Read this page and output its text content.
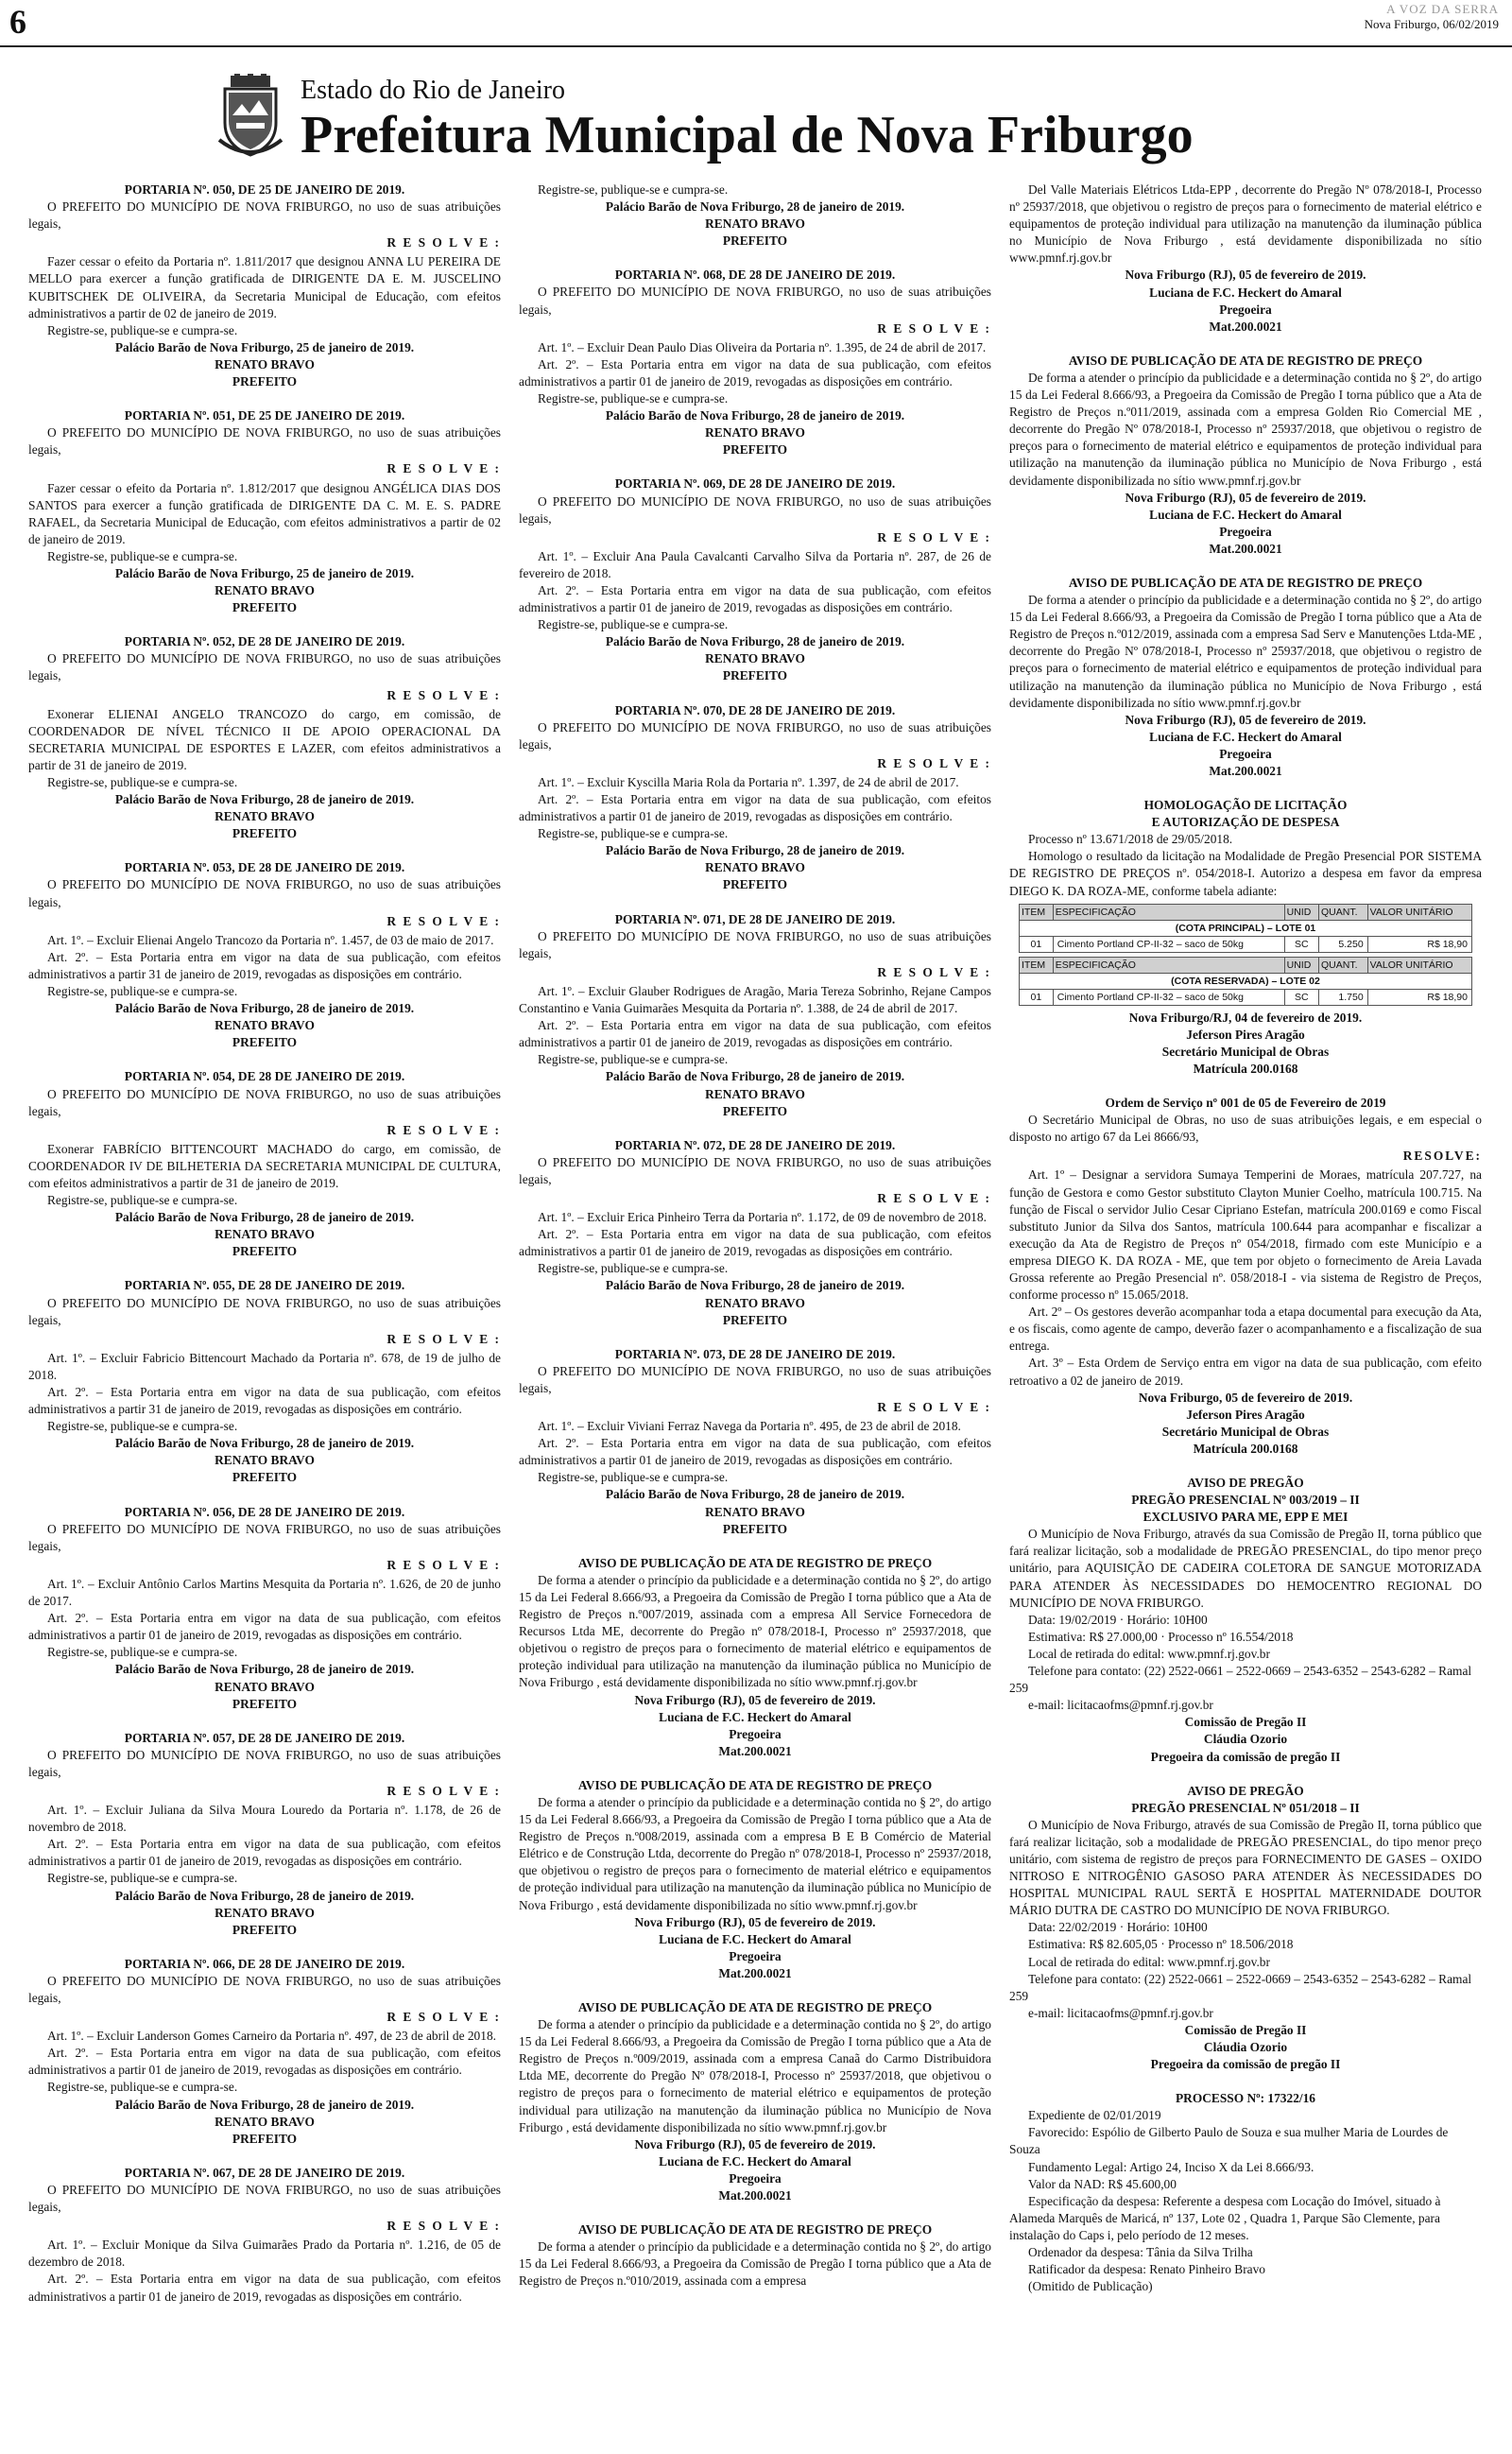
6	A VOZ DA SERRA
Nova Friburgo, 06/02/2019
Estado do Rio de Janeiro
Prefeitura Municipal de Nova Friburgo
PORTARIA Nº. 050, DE 25 DE JANEIRO DE 2019.

O PREFEITO DO MUNICÍPIO DE NOVA FRIBURGO, no uso de suas atribuições legais,

R E S O L V E :

Fazer cessar o efeito da Portaria nº. 1.811/2017 que designou ANNA LU PEREIRA DE MELLO para exercer a função gratificada de DIRIGENTE DA E. M. JUSCELINO KUBITSCHEK DE OLIVEIRA, da Secretaria Municipal de Educação, com efeitos administrativos a partir de 02 de janeiro de 2019.

Registre-se, publique-se e cumpra-se.

Palácio Barão de Nova Friburgo, 25 de janeiro de 2019.
RENATO BRAVO
PREFEITO
PORTARIA Nº. 051, DE 25 DE JANEIRO DE 2019.

O PREFEITO DO MUNICÍPIO DE NOVA FRIBURGO, no uso de suas atribuições legais,

R E S O L V E :

Fazer cessar o efeito da Portaria nº. 1.812/2017 que designou ANGÉLICA DIAS DOS SANTOS para exercer a função gratificada de DIRIGENTE DA C. M. E. S. PADRE RAFAEL, da Secretaria Municipal de Educação, com efeitos administrativos a partir de 02 de janeiro de 2019.

Registre-se, publique-se e cumpra-se.

Palácio Barão de Nova Friburgo, 25 de janeiro de 2019.
RENATO BRAVO
PREFEITO
PORTARIA Nº. 052, DE 28 DE JANEIRO DE 2019.

O PREFEITO DO MUNICÍPIO DE NOVA FRIBURGO, no uso de suas atribuições legais,

R E S O L V E :

Exonerar ELIENAI ANGELO TRANCOZO do cargo, em comissão, de COORDENADOR DE NÍVEL TÉCNICO II DE APOIO OPERACIONAL DA SECRETARIA MUNICIPAL DE ESPORTES E LAZER, com efeitos administrativos a partir de 31 de janeiro de 2019.

Registre-se, publique-se e cumpra-se.

Palácio Barão de Nova Friburgo, 28 de janeiro de 2019.
RENATO BRAVO
PREFEITO
PORTARIA Nº. 053, DE 28 DE JANEIRO DE 2019.

O PREFEITO DO MUNICÍPIO DE NOVA FRIBURGO, no uso de suas atribuições legais,

R E S O L V E :

Art. 1º. – Excluir Elienai Angelo Trancozo da Portaria nº. 1.457, de 03 de maio de 2017.

Art. 2º. – Esta Portaria entra em vigor na data de sua publicação, com efeitos administrativos a partir 31 de janeiro de 2019, revogadas as disposições em contrário.

Registre-se, publique-se e cumpra-se.

Palácio Barão de Nova Friburgo, 28 de janeiro de 2019.
RENATO BRAVO
PREFEITO
PORTARIA Nº. 054, DE 28 DE JANEIRO DE 2019.

O PREFEITO DO MUNICÍPIO DE NOVA FRIBURGO, no uso de suas atribuições legais,

R E S O L V E :

Exonerar FABRÍCIO BITTENCOURT MACHADO do cargo, em comissão, de COORDENADOR IV DE BILHETERIA DA SECRETARIA MUNICIPAL DE CULTURA, com efeitos administrativos a partir de 31 de janeiro de 2019.

Registre-se, publique-se e cumpra-se.

Palácio Barão de Nova Friburgo, 28 de janeiro de 2019.
RENATO BRAVO
PREFEITO
PORTARIA Nº. 055, DE 28 DE JANEIRO DE 2019.

O PREFEITO DO MUNICÍPIO DE NOVA FRIBURGO, no uso de suas atribuições legais,

R E S O L V E :

Art. 1º. – Excluir Fabricio Bittencourt Machado da Portaria nº. 678, de 19 de julho de 2018.

Art. 2º. – Esta Portaria entra em vigor na data de sua publicação, com efeitos administrativos a partir 31 de janeiro de 2019, revogadas as disposições em contrário.

Registre-se, publique-se e cumpra-se.

Palácio Barão de Nova Friburgo, 28 de janeiro de 2019.
RENATO BRAVO
PREFEITO
PORTARIA Nº. 056, DE 28 DE JANEIRO DE 2019.

O PREFEITO DO MUNICÍPIO DE NOVA FRIBURGO, no uso de suas atribuições legais,

R E S O L V E :

Art. 1º. – Excluir Antônio Carlos Martins Mesquita da Portaria nº. 1.626, de 20 de junho de 2017.

Art. 2º. – Esta Portaria entra em vigor na data de sua publicação, com efeitos administrativos a partir 01 de janeiro de 2019, revogadas as disposições em contrário.

Registre-se, publique-se e cumpra-se.

Palácio Barão de Nova Friburgo, 28 de janeiro de 2019.
RENATO BRAVO
PREFEITO
PORTARIA Nº. 057, DE 28 DE JANEIRO DE 2019.

O PREFEITO DO MUNICÍPIO DE NOVA FRIBURGO, no uso de suas atribuições legais,

R E S O L V E :

Art. 1º. – Excluir Juliana da Silva Moura Louredo da Portaria nº. 1.178, de 26 de novembro de 2018.

Art. 2º. – Esta Portaria entra em vigor na data de sua publicação, com efeitos administrativos a partir 01 de janeiro de 2019, revogadas as disposições em contrário.

Registre-se, publique-se e cumpra-se.

Palácio Barão de Nova Friburgo, 28 de janeiro de 2019.
RENATO BRAVO
PREFEITO
PORTARIA Nº. 066, DE 28 DE JANEIRO DE 2019.

O PREFEITO DO MUNICÍPIO DE NOVA FRIBURGO, no uso de suas atribuições legais,

R E S O L V E :

Art. 1º. – Excluir Landerson Gomes Carneiro da Portaria nº. 497, de 23 de abril de 2018.

Art. 2º. – Esta Portaria entra em vigor na data de sua publicação, com efeitos administrativos a partir 01 de janeiro de 2019, revogadas as disposições em contrário.

Registre-se, publique-se e cumpra-se.

Palácio Barão de Nova Friburgo, 28 de janeiro de 2019.
RENATO BRAVO
PREFEITO
PORTARIA Nº. 067, DE 28 DE JANEIRO DE 2019.

O PREFEITO DO MUNICÍPIO DE NOVA FRIBURGO, no uso de suas atribuições legais,

R E S O L V E :

Art. 1º. – Excluir Monique da Silva Guimarães Prado da Portaria nº. 1.216, de 05 de dezembro de 2018.

Art. 2º. – Esta Portaria entra em vigor na data de sua publicação, com efeitos administrativos a partir 01 de janeiro de 2019, revogadas as disposições em contrário.

Registre-se, publique-se e cumpra-se.

Palácio Barão de Nova Friburgo, 28 de janeiro de 2019.
RENATO BRAVO
PREFEITO
PORTARIA Nº. 068, DE 28 DE JANEIRO DE 2019.

O PREFEITO DO MUNICÍPIO DE NOVA FRIBURGO, no uso de suas atribuições legais,

R E S O L V E :

Art. 1º. – Excluir Dean Paulo Dias Oliveira da Portaria nº. 1.395, de 24 de abril de 2017.

Art. 2º. – Esta Portaria entra em vigor na data de sua publicação, com efeitos administrativos a partir 01 de janeiro de 2019, revogadas as disposições em contrário.

Registre-se, publique-se e cumpra-se.

Palácio Barão de Nova Friburgo, 28 de janeiro de 2019.
RENATO BRAVO
PREFEITO
PORTARIA Nº. 069, DE 28 DE JANEIRO DE 2019.

O PREFEITO DO MUNICÍPIO DE NOVA FRIBURGO, no uso de suas atribuições legais,

R E S O L V E :

Art. 1º. – Excluir Ana Paula Cavalcanti Carvalho Silva da Portaria nº. 287, de 26 de fevereiro de 2018.

Art. 2º. – Esta Portaria entra em vigor na data de sua publicação, com efeitos administrativos a partir 01 de janeiro de 2019, revogadas as disposições em contrário.

Registre-se, publique-se e cumpra-se.

Palácio Barão de Nova Friburgo, 28 de janeiro de 2019.
RENATO BRAVO
PREFEITO
PORTARIA Nº. 070, DE 28 DE JANEIRO DE 2019.

O PREFEITO DO MUNICÍPIO DE NOVA FRIBURGO, no uso de suas atribuições legais,

R E S O L V E :

Art. 1º. – Excluir Kyscilla Maria Rola da Portaria nº. 1.397, de 24 de abril de 2017.

Art. 2º. – Esta Portaria entra em vigor na data de sua publicação, com efeitos administrativos a partir 01 de janeiro de 2019, revogadas as disposições em contrário.

Registre-se, publique-se e cumpra-se.

Palácio Barão de Nova Friburgo, 28 de janeiro de 2019.
RENATO BRAVO
PREFEITO
PORTARIA Nº. 071, DE 28 DE JANEIRO DE 2019.

O PREFEITO DO MUNICÍPIO DE NOVA FRIBURGO, no uso de suas atribuições legais,

R E S O L V E :

Art. 1º. – Excluir Glauber Rodrigues de Aragão, Maria Tereza Sobrinho, Rejane Campos Constantino e Vania Guimarães Mesquita da Portaria nº. 1.388, de 24 de abril de 2017.

Art. 2º. – Esta Portaria entra em vigor na data de sua publicação, com efeitos administrativos a partir 01 de janeiro de 2019, revogadas as disposições em contrário.

Registre-se, publique-se e cumpra-se.

Palácio Barão de Nova Friburgo, 28 de janeiro de 2019.
RENATO BRAVO
PREFEITO
PORTARIA Nº. 072, DE 28 DE JANEIRO DE 2019.

O PREFEITO DO MUNICÍPIO DE NOVA FRIBURGO, no uso de suas atribuições legais,

R E S O L V E :

Art. 1º. – Excluir Erica Pinheiro Terra da Portaria nº. 1.172, de 09 de novembro de 2018.

Art. 2º. – Esta Portaria entra em vigor na data de sua publicação, com efeitos administrativos a partir 01 de janeiro de 2019, revogadas as disposições em contrário.

Registre-se, publique-se e cumpra-se.

Palácio Barão de Nova Friburgo, 28 de janeiro de 2019.
RENATO BRAVO
PREFEITO
PORTARIA Nº. 073, DE 28 DE JANEIRO DE 2019.

O PREFEITO DO MUNICÍPIO DE NOVA FRIBURGO, no uso de suas atribuições legais,

R E S O L V E :

Art. 1º. – Excluir Viviani Ferraz Navega da Portaria nº. 495, de 23 de abril de 2018.

Art. 2º. – Esta Portaria entra em vigor na data de sua publicação, com efeitos administrativos a partir 01 de janeiro de 2019, revogadas as disposições em contrário.

Registre-se, publique-se e cumpra-se.

Palácio Barão de Nova Friburgo, 28 de janeiro de 2019.
RENATO BRAVO
PREFEITO
AVISO DE PUBLICAÇÃO DE ATA DE REGISTRO DE PREÇO

De forma a atender o princípio da publicidade e a determinação contida no § 2º, do artigo 15 da Lei Federal 8.666/93, a Pregoeira da Comissão de Pregão I torna público que a Ata de Registro de Preços n.º007/2019, assinada com a empresa All Service Fornecedora de Recursos Ltda ME, decorrente do Pregão nº 078/2018-I, Processo nº 25937/2018, que objetivou o registro de preços para o fornecimento de material elétrico e equipamentos de proteção individual para utilização na manutenção da iluminação pública no Município de Nova Friburgo , está devidamente disponibilizada no sítio www.pmnf.rj.gov.br

Nova Friburgo (RJ), 05 de fevereiro de 2019.
Luciana de F.C. Heckert do Amaral
Pregoeira
Mat.200.0021
AVISO DE PUBLICAÇÃO DE ATA DE REGISTRO DE PREÇO

De forma a atender o princípio da publicidade e a determinação contida no § 2º, do artigo 15 da Lei Federal 8.666/93, a Pregoeira da Comissão de Pregão I torna público que a Ata de Registro de Preços n.º008/2019, assinada com a empresa B E B Comércio de Material Elétrico e de Construção Ltda, decorrente do Pregão nº 078/2018-I, Processo nº 25937/2018, que objetivou o registro de preços para o fornecimento de material elétrico e equipamentos de proteção individual para utilização na manutenção da iluminação pública no Município de Nova Friburgo , está devidamente disponibilizada no sítio www.pmnf.rj.gov.br

Nova Friburgo (RJ), 05 de fevereiro de 2019.
Luciana de F.C. Heckert do Amaral
Pregoeira
Mat.200.0021
AVISO DE PUBLICAÇÃO DE ATA DE REGISTRO DE PREÇO

De forma a atender o princípio da publicidade e a determinação contida no § 2º, do artigo 15 da Lei Federal 8.666/93, a Pregoeira da Comissão de Pregão I torna público que a Ata de Registro de Preços n.º009/2019, assinada com a empresa Canaã do Carmo Distribuidora Ltda ME, decorrente do Pregão Nº 078/2018-I, Processo nº 25937/2018, que objetivou o registro de preços para o fornecimento de material elétrico e equipamentos de proteção individual para utilização na manutenção da iluminação pública no Município de Nova Friburgo , está devidamente disponibilizada no sítio www.pmnf.rj.gov.br

Nova Friburgo (RJ), 05 de fevereiro de 2019.
Luciana de F.C. Heckert do Amaral
Pregoeira
Mat.200.0021
AVISO DE PUBLICAÇÃO DE ATA DE REGISTRO DE PREÇO

De forma a atender o princípio da publicidade e a determinação contida no § 2º, do artigo 15 da Lei Federal 8.666/93, a Pregoeira da Comissão de Pregão I torna público que a Ata de Registro de Preços n.º010/2019, assinada com a empresa

Del Valle Materiais Elétricos Ltda-EPP , decorrente do Pregão Nº 078/2018-I, Processo nº 25937/2018, que objetivou o registro de preços para o fornecimento de material elétrico e equipamentos de proteção individual para utilização na manutenção da iluminação pública no Município de Nova Friburgo , está devidamente disponibilizada no sítio www.pmnf.rj.gov.br

Nova Friburgo (RJ), 05 de fevereiro de 2019.
Luciana de F.C. Heckert do Amaral
Pregoeira
Mat.200.0021
AVISO DE PUBLICAÇÃO DE ATA DE REGISTRO DE PREÇO

De forma a atender o princípio da publicidade e a determinação contida no § 2º, do artigo 15 da Lei Federal 8.666/93, a Pregoeira da Comissão de Pregão I torna público que a Ata de Registro de Preços n.º011/2019, assinada com a empresa Golden Rio Comercial ME , decorrente do Pregão Nº 078/2018-I, Processo nº 25937/2018, que objetivou o registro de preços para o fornecimento de material elétrico e equipamentos de proteção individual para utilização na manutenção da iluminação pública no Município de Nova Friburgo , está devidamente disponibilizada no sítio www.pmnf.rj.gov.br

Nova Friburgo (RJ), 05 de fevereiro de 2019.
Luciana de F.C. Heckert do Amaral
Pregoeira
Mat.200.0021
AVISO DE PUBLICAÇÃO DE ATA DE REGISTRO DE PREÇO

De forma a atender o princípio da publicidade e a determinação contida no § 2º, do artigo 15 da Lei Federal 8.666/93, a Pregoeira da Comissão de Pregão I torna público que a Ata de Registro de Preços n.º012/2019, assinada com a empresa Sad Serv e Manutenções Ltda-ME , decorrente do Pregão Nº 078/2018-I, Processo nº 25937/2018, que objetivou o registro de preços para o fornecimento de material elétrico e equipamentos de proteção individual para utilização na manutenção da iluminação pública no Município de Nova Friburgo , está devidamente disponibilizada no sítio www.pmnf.rj.gov.br

Nova Friburgo (RJ), 05 de fevereiro de 2019.
Luciana de F.C. Heckert do Amaral
Pregoeira
Mat.200.0021
HOMOLOGAÇÃO DE LICITAÇÃO
E AUTORIZAÇÃO DE DESPESA

Processo nº 13.671/2018 de 29/05/2018.

Homologo o resultado da licitação na Modalidade de Pregão Presencial POR SISTEMA DE REGISTRO DE PREÇOS nº. 054/2018-I. Autorizo a despesa em favor da empresa DIEGO K. DA ROZA-ME, conforme tabela adiante:

ITEM	ESPECIFICAÇÃO	UNID	QUANT.	VALOR UNITÁRIO
(COTA PRINCIPAL) – LOTE 01				
01	Cimento Portland CP-II-32 – saco de 50kg	SC	5.250	R$ 18,90
ITEM	ESPECIFICAÇÃO	UNID	QUANT.	VALOR UNITÁRIO
(COTA RESERVADA) – LOTE 02				
01	Cimento Portland CP-II-32 – saco de 50kg	SC	1.750	R$ 18,90
Nova Friburgo/RJ, 04 de fevereiro de 2019.
Jeferson Pires Aragão
Secretário Municipal de Obras
Matrícula 200.0168
Ordem de Serviço nº 001 de 05 de Fevereiro de 2019

O Secretário Municipal de Obras, no uso de suas atribuições legais, e em especial o disposto no artigo 67 da Lei 8666/93,

RESOLVE:

Art. 1º – Designar a servidora Sumaya Temperini de Moraes, matrícula 207.727, na função de Gestora e como Gestor substituto Clayton Munier Coelho, matrícula 100.715. Na função de Fiscal o servidor Julio Cesar Cipriano Estefan, matrícula 200.0169 e como Fiscal substituto Junior da Silva dos Santos, matrícula 100.644 para acompanhar e fiscalizar a execução da Ata de Registro de Preços nº 054/2018, firmado com este Município e a empresa DIEGO K. DA ROZA - ME, que tem por objeto o fornecimento de Areia Lavada Grossa referente ao Pregão Presencial nº. 058/2018-I - via sistema de Registro de Preços, conforme processo nº 15.065/2018.

Art. 2º – Os gestores deverão acompanhar toda a etapa documental para execução da Ata, e os fiscais, como agente de campo, deverão fazer o acompanhamento e a fiscalização de sua entrega.

Art. 3º – Esta Ordem de Serviço entra em vigor na data de sua publicação, com efeito retroativo a 02 de janeiro de 2019.

Nova Friburgo, 05 de fevereiro de 2019.
Jeferson Pires Aragão
Secretário Municipal de Obras
Matrícula 200.0168
AVISO DE PREGÃO
PREGÃO PRESENCIAL Nº 003/2019 – II
EXCLUSIVO PARA ME, EPP E MEI

O Município de Nova Friburgo, através da sua Comissão de Pregão II, torna público que fará realizar licitação, sob a modalidade de PREGÃO PRESENCIAL, do tipo menor preço unitário, para AQUISIÇÃO DE CADEIRA COLETORA DE SANGUE MOTORIZADA PARA ATENDER ÀS NECESSIDADES DO HEMOCENTRO REGIONAL DO MUNICÍPIO DE NOVA FRIBURGO.

Data: 19/02/2019 · Horário: 10H00

Estimativa: R$ 27.000,00 · Processo nº 16.554/2018

Local de retirada do edital: www.pmnf.rj.gov.br

Telefone para contato: (22) 2522-0661 – 2522-0669 – 2543-6352 – 2543-6282 – Ramal 259

e-mail: licitacaofms@pmnf.rj.gov.br

Comissão de Pregão II
Cláudia Ozorio
Pregoeira da comissão de pregão II
AVISO DE PREGÃO
PREGÃO PRESENCIAL Nº 051/2018 – II

O Município de Nova Friburgo, através de sua Comissão de Pregão II, torna público que fará realizar licitação, sob a modalidade de PREGÃO PRESENCIAL, do tipo menor preço unitário, com sistema de registro de preços para FORNECIMENTO DE GASES – OXIDO NITROSO E NITROGÊNIO GASOSO PARA ATENDER ÀS NECESSIDADES DO HOSPITAL MUNICIPAL RAUL SERTÃ E HOSPITAL MATERNIDADE DOUTOR MÁRIO DUTRA DE CASTRO DO MUNICÍPIO DE NOVA FRIBURGO.

Data: 22/02/2019 · Horário: 10H00

Estimativa: R$ 82.605,05 · Processo nº 18.506/2018

Local de retirada do edital: www.pmnf.rj.gov.br

Telefone para contato: (22) 2522-0661 – 2522-0669 – 2543-6352 – 2543-6282 – Ramal 259

e-mail: licitacaofms@pmnf.rj.gov.br

Comissão de Pregão II
Cláudia Ozorio
Pregoeira da comissão de pregão II
PROCESSO Nº: 17322/16

Expediente de 02/01/2019

Favorecido: Espólio de Gilberto Paulo de Souza e sua mulher Maria de Lourdes de Souza

Fundamento Legal: Artigo 24, Inciso X da Lei 8.666/93.

Valor da NAD: R$ 45.600,00

Especificação da despesa: Referente a despesa com Locação do Imóvel, situado à Alameda Marquês de Maricá, nº 137, Lote 02 , Quadra 1, Parque São Clemente, para instalação do Caps i, pelo período de 12 meses.

Ordenador da despesa: Tânia da Silva Trilha

Ratificador da despesa: Renato Pinheiro Bravo

(Omitido de Publicação)
